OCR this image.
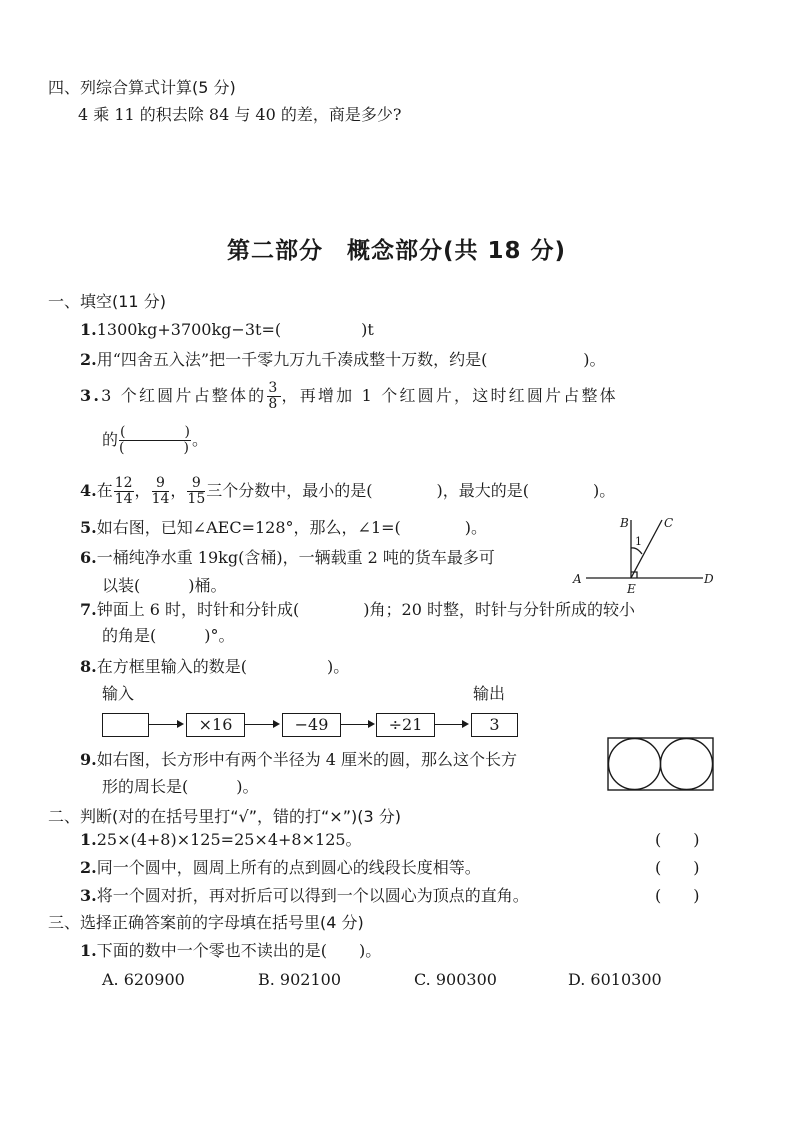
四、列综合算式计算(5 分)
4 乘 11 的积去除 84 与 40 的差，商是多少?
第二部分　概念部分(共 18 分)
一、填空(11 分)
1.1300kg+3700kg−3t=(　　　　　)t
2.用“四舍五入法”把一千零九万九千凑成整十万数，约是(　　　　　　)。
3.3 个红圆片占整体的 $\frac{3}{8}$ ，再增加 1 个红圆片，这时红圆片占整体
的 (	)
(	) 。
4.在 $\frac{12}{14}$ ， $\frac{9}{14}$ ， $\frac{9}{15}$ 三个分数中，最小的是(　　　　)，最大的是(　　　　)。
5.如右图，已知∠AEC=128°，那么，∠1=(　　　　)。	B	C
1
A
E
D
6.一桶纯净水重 19kg(含桶)，一辆载重 2 吨的货车最多可
以装(　　　)桶。
7.钟面上 6 时，时针和分针成(　　　　)角；20 时整，时针与分针所成的较小
的角是(　　　)°。
8.在方框里输入的数是(　　　　　)。
输入	输出
×16	−49	÷21	3
9.如右图，长方形中有两个半径为 4 厘米的圆，那么这个长方
形的周长是(　　　)。
二、判断(对的在括号里打“√”，错的打“×”)(3 分)
1.25×(4+8)×125=25×4+8×125。	(　　)
2.同一个圆中，圆周上所有的点到圆心的线段长度相等。	(　　)
3.将一个圆对折，再对折后可以得到一个以圆心为顶点的直角。	(　　)
三、选择正确答案前的字母填在括号里(4 分)
1.下面的数中一个零也不读出的是(　　)。
A. 620900	B. 902100	C. 900300	D. 6010300
